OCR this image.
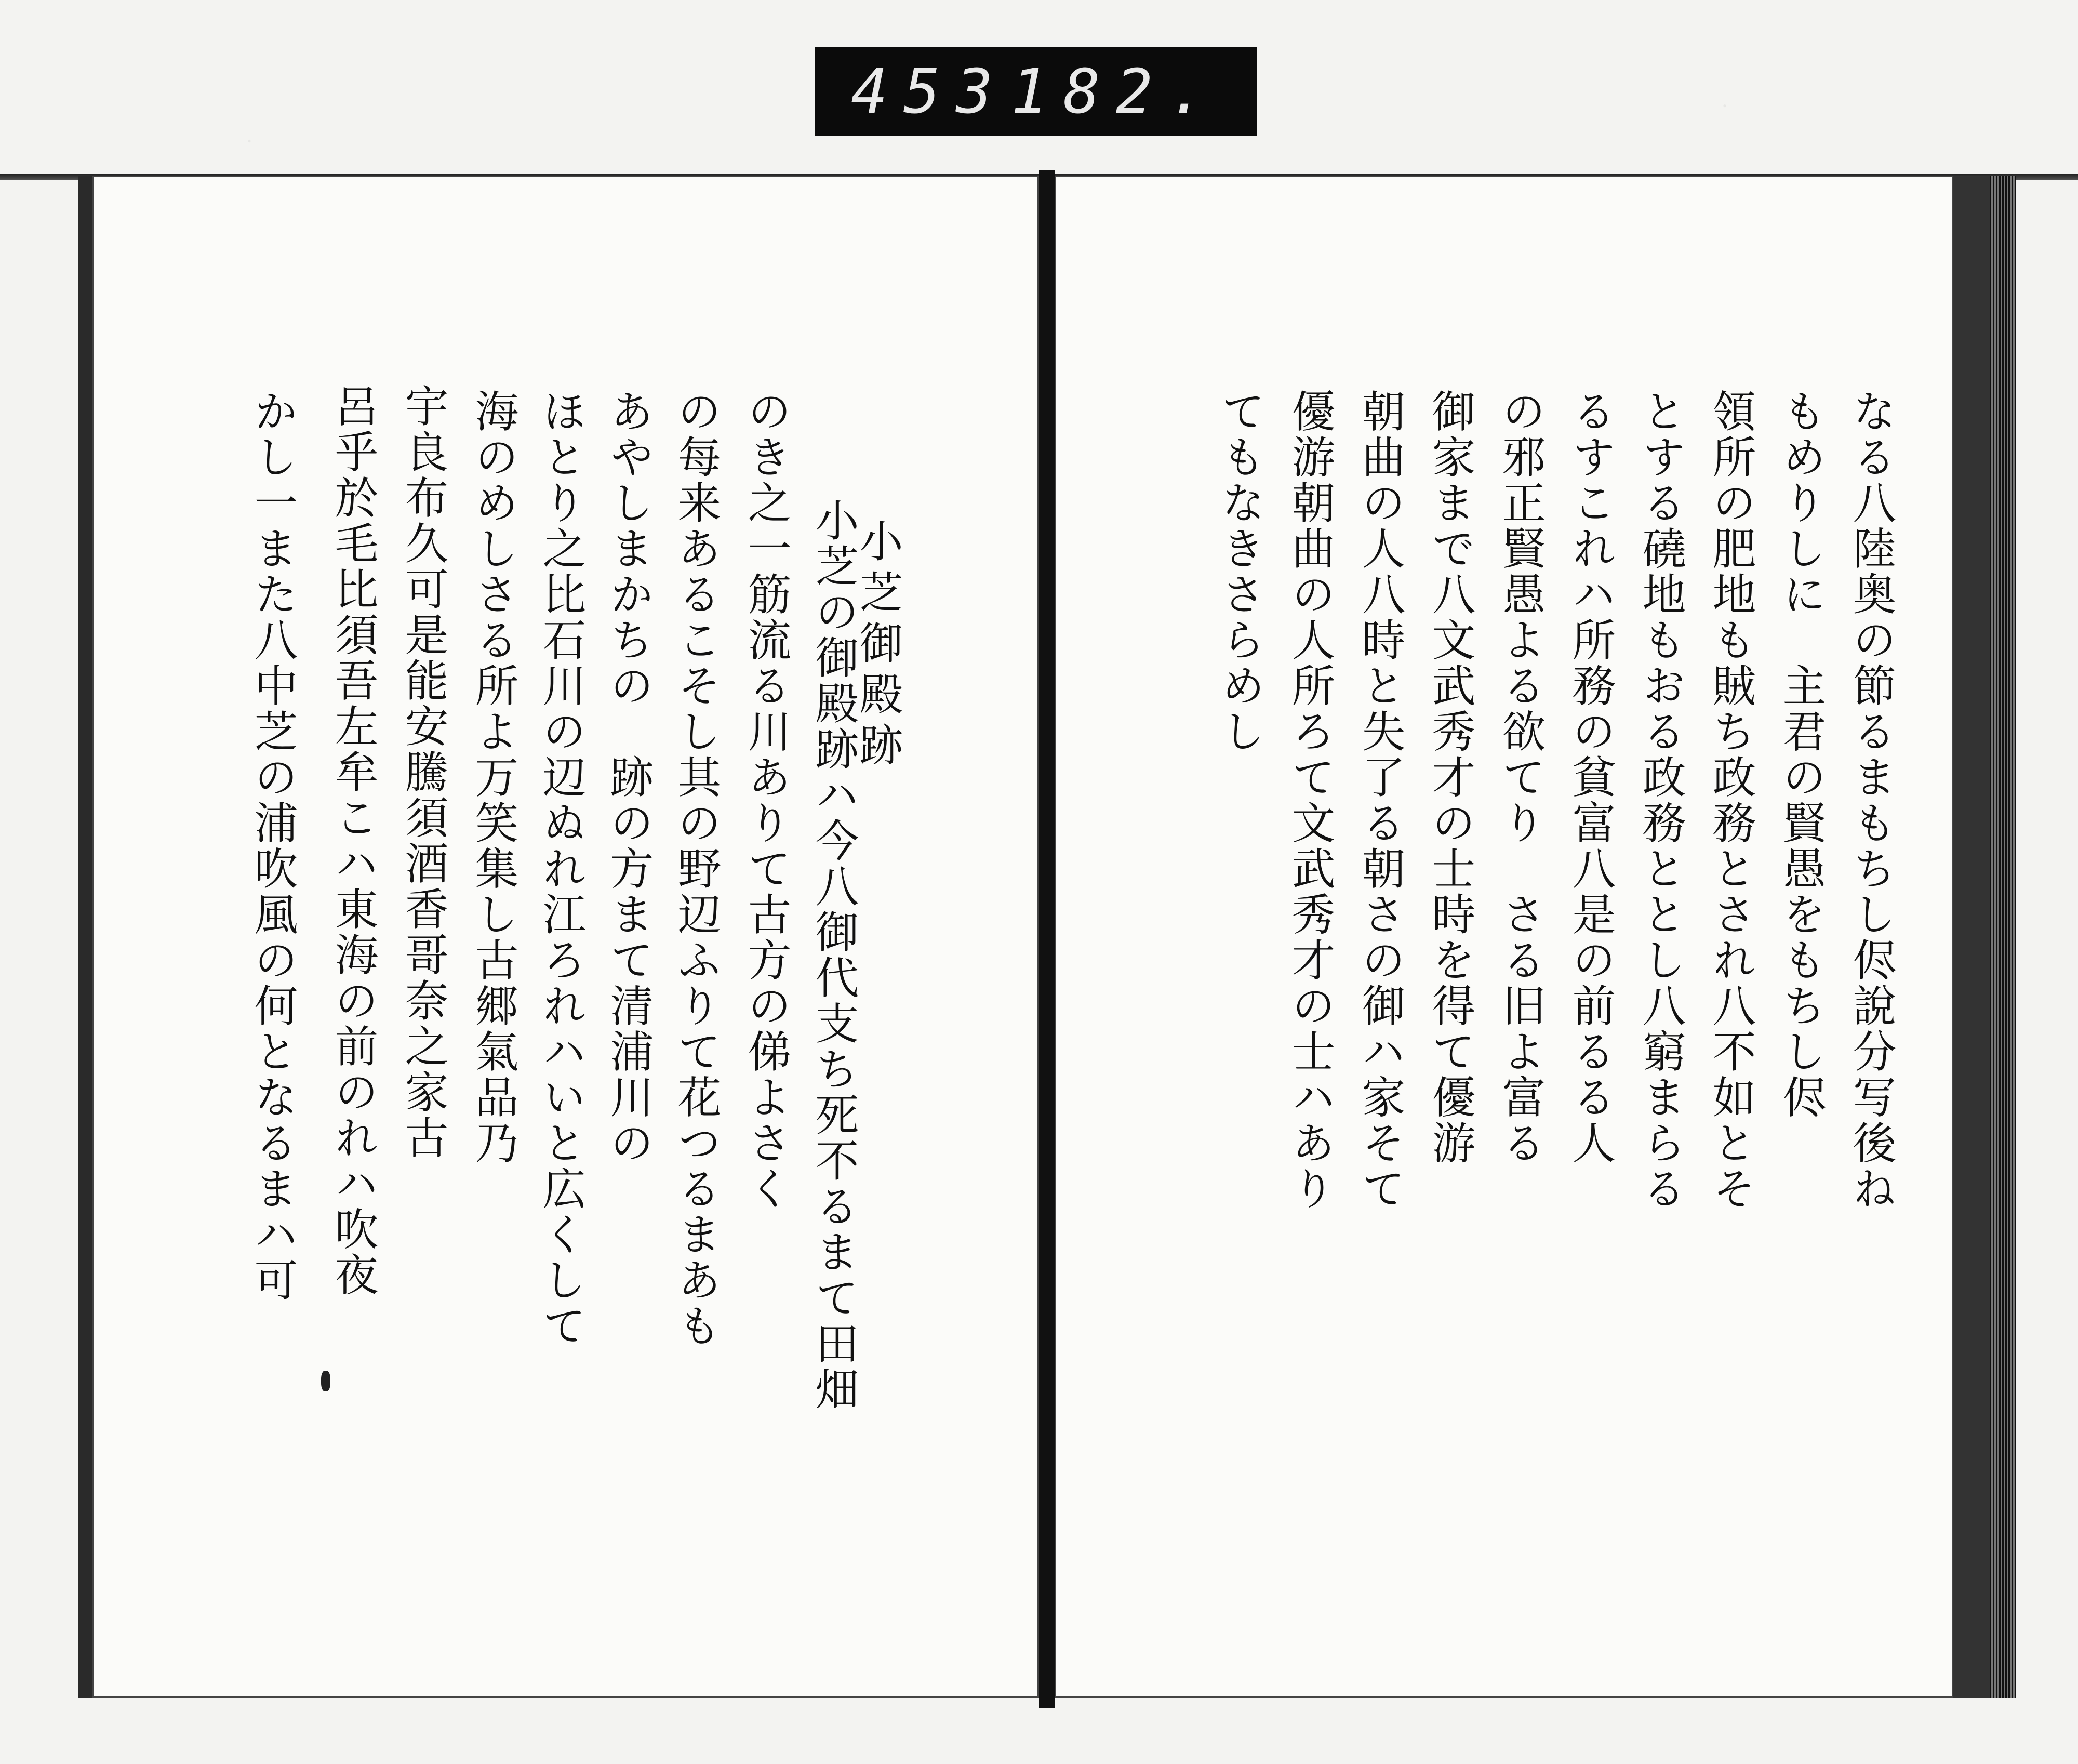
453 182.
小芝御殿跡
小芝の御殿跡ハ今八御代支ち死不るまて田畑
のき之一筋流る川ありて古方の俤よさく
の每来あるこそし其の野辺ふりて花つるまあも
あやしまかちの　跡の方まて清浦川の
ほとり之比石川の辺ぬれ江ろれハいと広くして
海のめしさる所よ万笑集し古郷氣品乃
宇良布久可是能安騰須酒香哥奈之家古
呂乎於毛比須吾左牟こハ東海の前のれハ吹夜
かし一また八中芝の浦吹風の何となるまハ可	なる八陸奥の節るまもちし侭說分写後ね
もめりしに　主君の賢愚をもちし侭
領所の肥地も賊ち政務とされ八不如とそ
とする磽地もおる政務ととし八窮まらる
るすこれハ所務の貧富八是の前るる人
の邪正賢愚よる欲てり　さる旧よ富る
御家まで八文武秀才の士時を得て優游
朝曲の人八時と失了る朝さの御ハ家そて
優游朝曲の人所ろて文武秀才の士ハあり
てもなきさらめし
